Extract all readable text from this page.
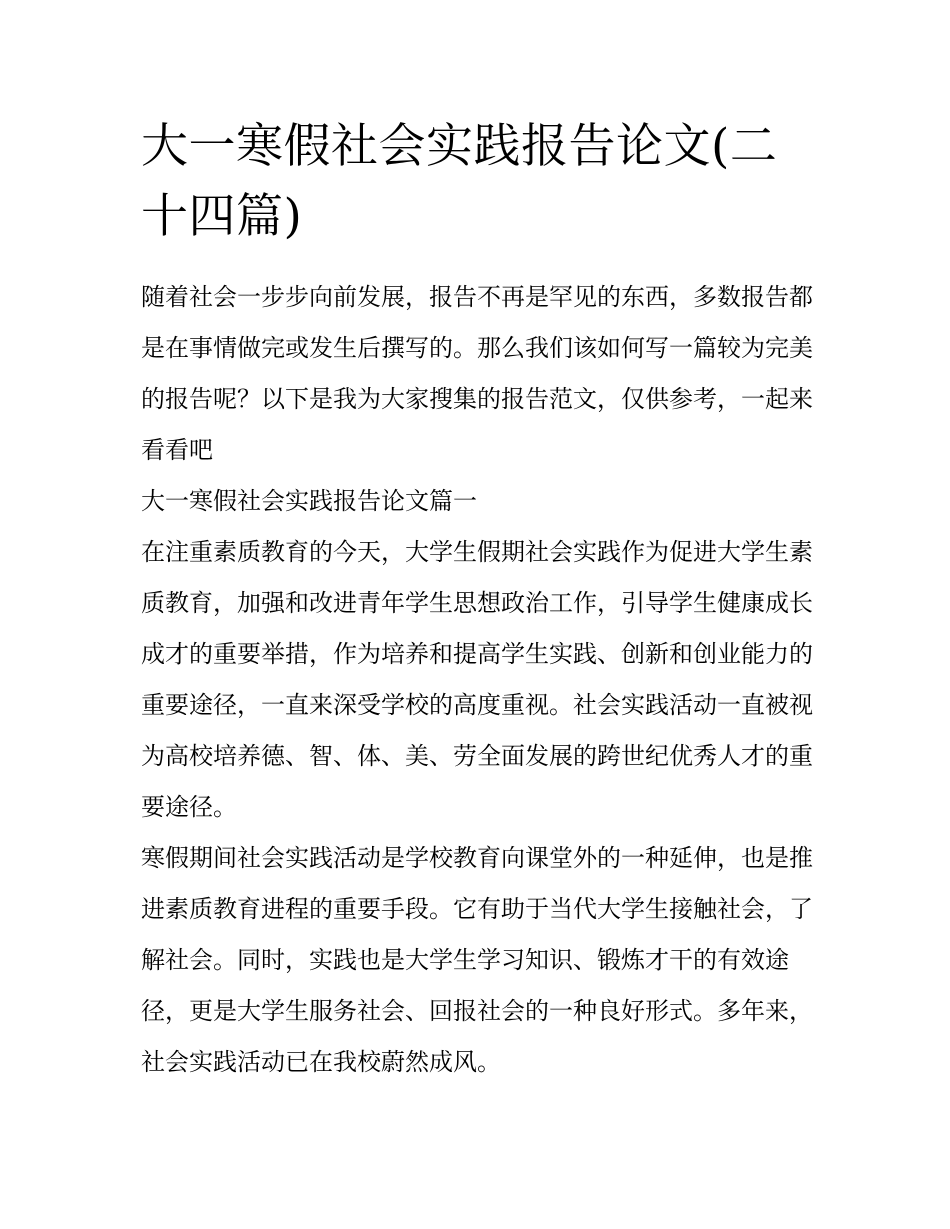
大一寒假社会实践报告论文(二十四篇)

随着社会一步步向前发展，报告不再是罕见的东西，多数报告都是在事情做完或发生后撰写的。那么我们该如何写一篇较为完美的报告呢？以下是我为大家搜集的报告范文，仅供参考，一起来看看吧

大一寒假社会实践报告论文篇一

在注重素质教育的今天，大学生假期社会实践作为促进大学生素质教育，加强和改进青年学生思想政治工作，引导学生健康成长成才的重要举措，作为培养和提高学生实践、创新和创业能力的重要途径，一直来深受学校的高度重视。社会实践活动一直被视为高校培养德、智、体、美、劳全面发展的跨世纪优秀人才的重要途径。

寒假期间社会实践活动是学校教育向课堂外的一种延伸，也是推进素质教育进程的重要手段。它有助于当代大学生接触社会，了解社会。同时，实践也是大学生学习知识、锻炼才干的有效途径，更是大学生服务社会、回报社会的一种良好形式。多年来，社会实践活动已在我校蔚然成风。
